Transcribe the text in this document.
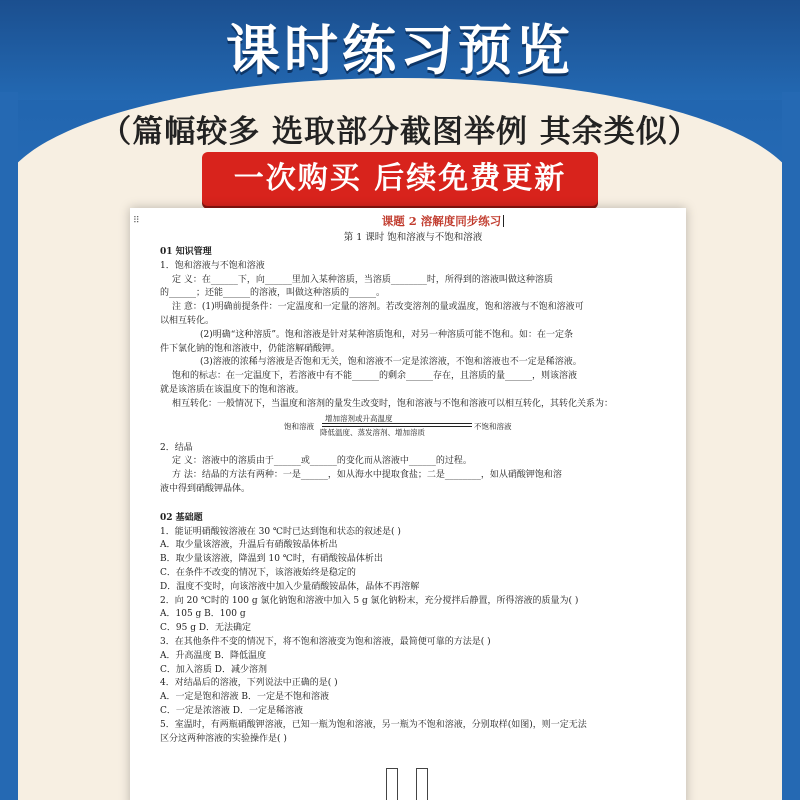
课时练习预览
（篇幅较多 选取部分截图举例 其余类似）
一次购买 后续免费更新
⠿	课题 2 溶解度同步练习
第 1 课时 饱和溶液与不饱和溶液
01 知识管理
1．饱和溶液与不饱和溶液
定 义：在______下，向______里加入某种溶质，当溶质________时，所得到的溶液叫做这种溶质
的______；还能______的溶液，叫做这种溶质的______。
注 意：(1)明确前提条件：一定温度和一定量的溶剂。若改变溶剂的量或温度，饱和溶液与不饱和溶液可
以相互转化。
(2)明确“这种溶质”。饱和溶液是针对某种溶质饱和，对另一种溶质可能不饱和。如：在一定条
件下氯化钠的饱和溶液中，仍能溶解硝酸钾。
(3)溶液的浓稀与溶液是否饱和无关，饱和溶液不一定是浓溶液，不饱和溶液也不一定是稀溶液。
饱和的标志：在一定温度下，若溶液中有不能______的剩余______存在，且溶质的量______，则该溶液
就是该溶质在该温度下的饱和溶液。
相互转化：一般情况下，当温度和溶剂的量发生改变时，饱和溶液与不饱和溶液可以相互转化，其转化关系为：
饱和溶液
增加溶剂或升高温度
降低温度、蒸发溶剂、增加溶质
不饱和溶液
2．结晶
定 义：溶液中的溶质由于______或______的变化而从溶液中______的过程。
方 法：结晶的方法有两种：一是______，如从海水中提取食盐；二是________，如从硝酸钾饱和溶
液中得到硝酸钾晶体。
02 基础题
1．能证明硝酸铵溶液在 30 ℃时已达到饱和状态的叙述是( )
A．取少量该溶液，升温后有硝酸铵晶体析出
B．取少量该溶液，降温到 10 ℃时，有硝酸铵晶体析出
C．在条件不改变的情况下，该溶液始终是稳定的
D．温度不变时，向该溶液中加入少量硝酸铵晶体，晶体不再溶解
2．向 20 ℃时的 100 g 氯化钠饱和溶液中加入 5 g 氯化钠粉末，充分搅拌后静置，所得溶液的质量为( )
A．105 g B．100 g
C．95 g D．无法确定
3．在其他条件不变的情况下，将不饱和溶液变为饱和溶液，最简便可靠的方法是( )
A．升高温度 B．降低温度
C．加入溶质 D．减少溶剂
4．对结晶后的溶液，下列说法中正确的是( )
A．一定是饱和溶液 B．一定是不饱和溶液
C．一定是浓溶液 D．一定是稀溶液
5．室温时，有两瓶硝酸钾溶液，已知一瓶为饱和溶液，另一瓶为不饱和溶液，分别取样(如图)，则一定无法
区分这两种溶液的实验操作是( )
